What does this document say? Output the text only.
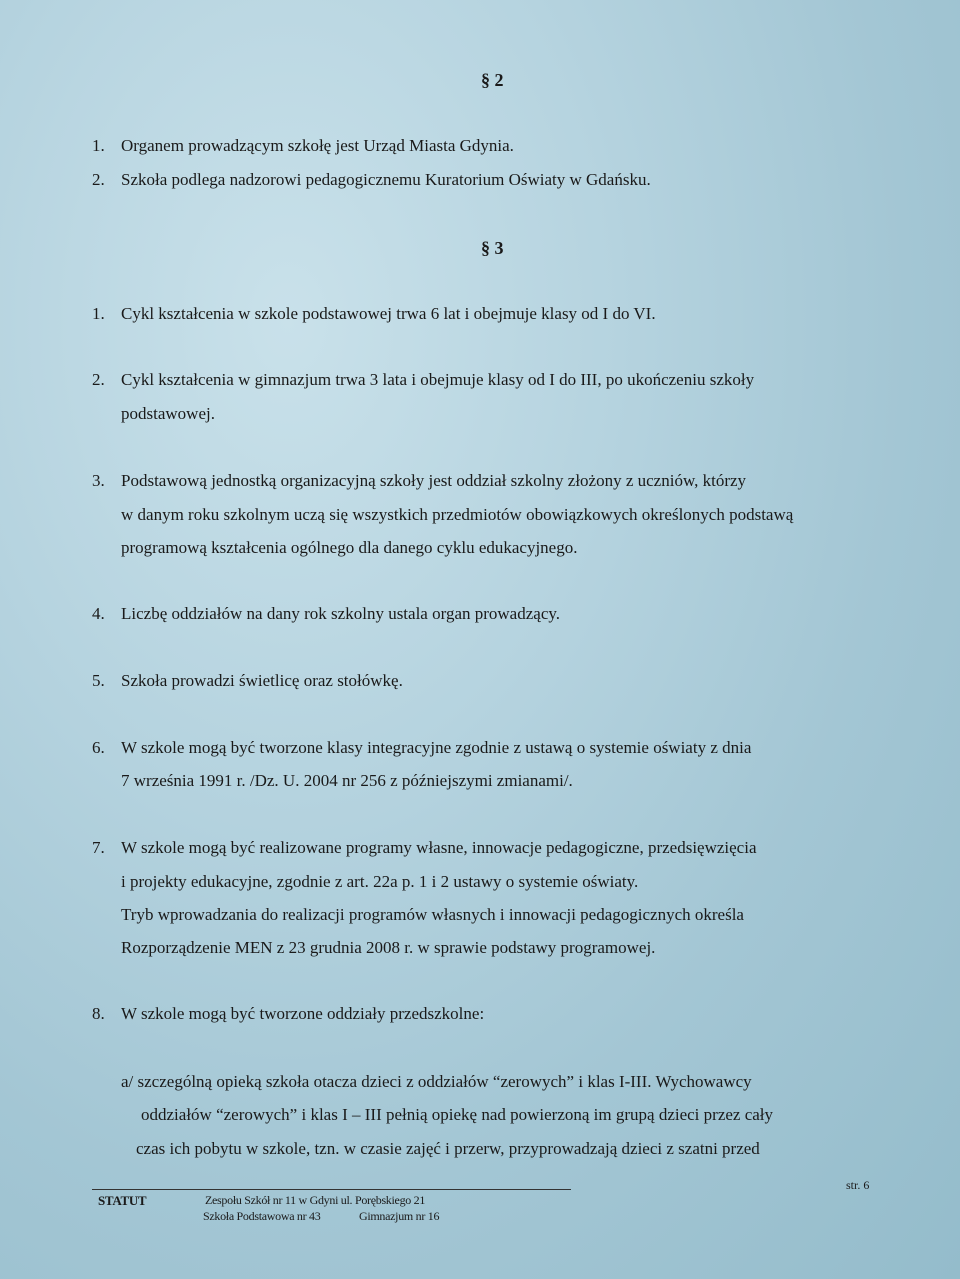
§ 2
1. Organem prowadzącym szkołę jest Urząd Miasta Gdynia.
2. Szkoła podlega nadzorowi pedagogicznemu Kuratorium Oświaty w Gdańsku.
§ 3
1. Cykl kształcenia w szkole podstawowej trwa 6 lat i obejmuje klasy od I do VI.
2. Cykl kształcenia w gimnazjum trwa 3 lata i obejmuje klasy od I do III, po ukończeniu szkoły
podstawowej.
3. Podstawową jednostką organizacyjną szkoły jest oddział szkolny złożony z uczniów, którzy
w danym roku szkolnym uczą się wszystkich przedmiotów obowiązkowych określonych podstawą
programową kształcenia ogólnego dla danego cyklu edukacyjnego.
4. Liczbę oddziałów na dany rok szkolny ustala organ prowadzący.
5. Szkoła prowadzi świetlicę oraz stołówkę.
6. W szkole mogą być tworzone klasy integracyjne zgodnie z ustawą o systemie oświaty z dnia
7 września 1991 r. /Dz. U. 2004 nr 256 z późniejszymi zmianami/.
7. W szkole mogą być realizowane programy własne, innowacje pedagogiczne, przedsięwzięcia
i projekty edukacyjne, zgodnie z art. 22a p. 1 i 2 ustawy o systemie oświaty.
Tryb wprowadzania do realizacji programów własnych i innowacji pedagogicznych określa
Rozporządzenie MEN z 23 grudnia 2008 r. w sprawie podstawy programowej.
8. W szkole mogą być tworzone oddziały przedszkolne:
a/ szczególną opieką szkoła otacza dzieci z oddziałów “zerowych” i klas I-III. Wychowawcy
oddziałów “zerowych” i klas I – III pełnią opiekę nad powierzoną im grupą dzieci przez cały
czas ich pobytu w szkole, tzn. w czasie zajęć i przerw, przyprowadzają dzieci z szatni przed
STATUT	Zespołu Szkół nr 11 w Gdyni ul. Porębskiego 21
Szkoła Podstawowa nr 43	Gimnazjum nr 16
str. 6
